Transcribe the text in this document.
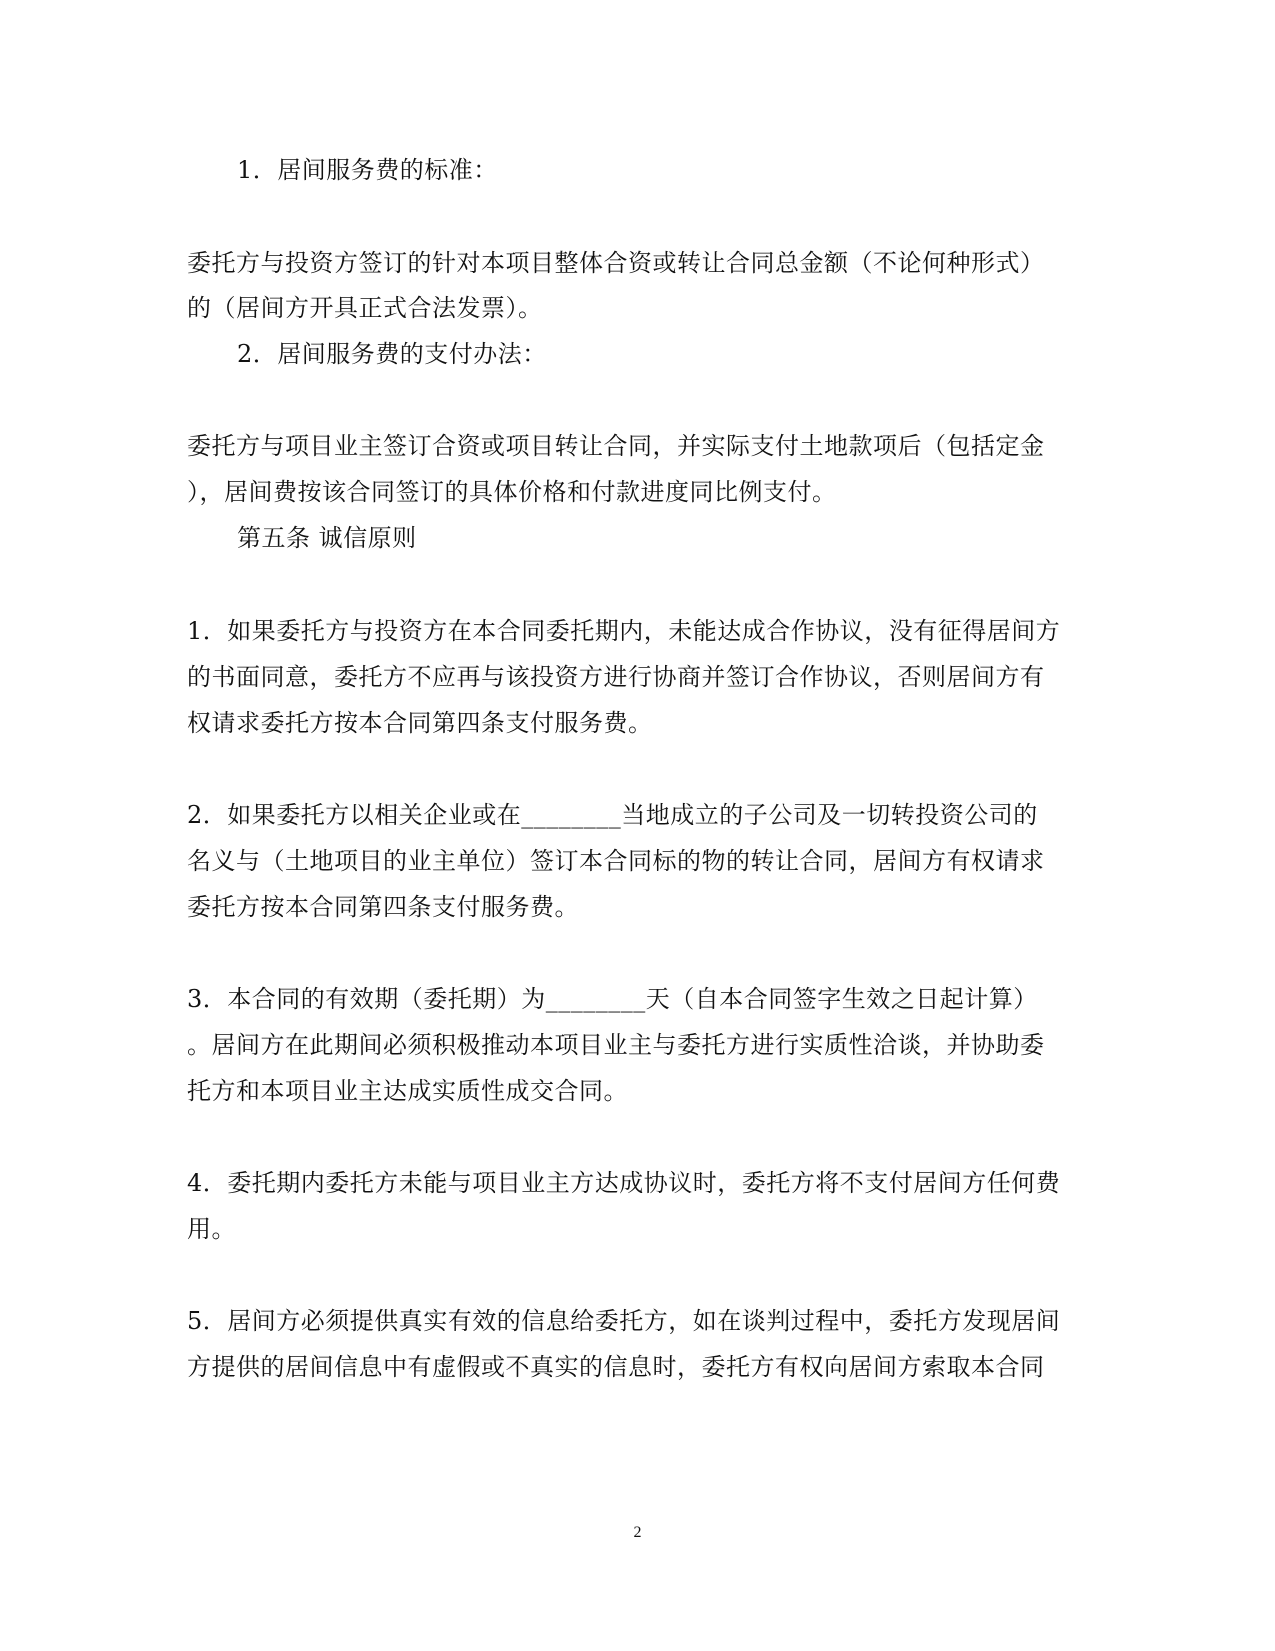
1．居间服务费的标准：
委托方与投资方签订的针对本项目整体合资或转让合同总金额（不论何种形式）
的（居间方开具正式合法发票）。
2．居间服务费的支付办法：
委托方与项目业主签订合资或项目转让合同，并实际支付土地款项后（包括定金
），居间费按该合同签订的具体价格和付款进度同比例支付。
第五条 诚信原则
1．如果委托方与投资方在本合同委托期内，未能达成合作协议，没有征得居间方
的书面同意，委托方不应再与该投资方进行协商并签订合作协议，否则居间方有
权请求委托方按本合同第四条支付服务费。
2．如果委托方以相关企业或在________当地成立的子公司及一切转投资公司的
名义与（土地项目的业主单位）签订本合同标的物的转让合同，居间方有权请求
委托方按本合同第四条支付服务费。
3．本合同的有效期（委托期）为________天（自本合同签字生效之日起计算）
。居间方在此期间必须积极推动本项目业主与委托方进行实质性洽谈，并协助委
托方和本项目业主达成实质性成交合同。
4．委托期内委托方未能与项目业主方达成协议时，委托方将不支付居间方任何费
用。
5．居间方必须提供真实有效的信息给委托方，如在谈判过程中，委托方发现居间
方提供的居间信息中有虚假或不真实的信息时，委托方有权向居间方索取本合同
2
